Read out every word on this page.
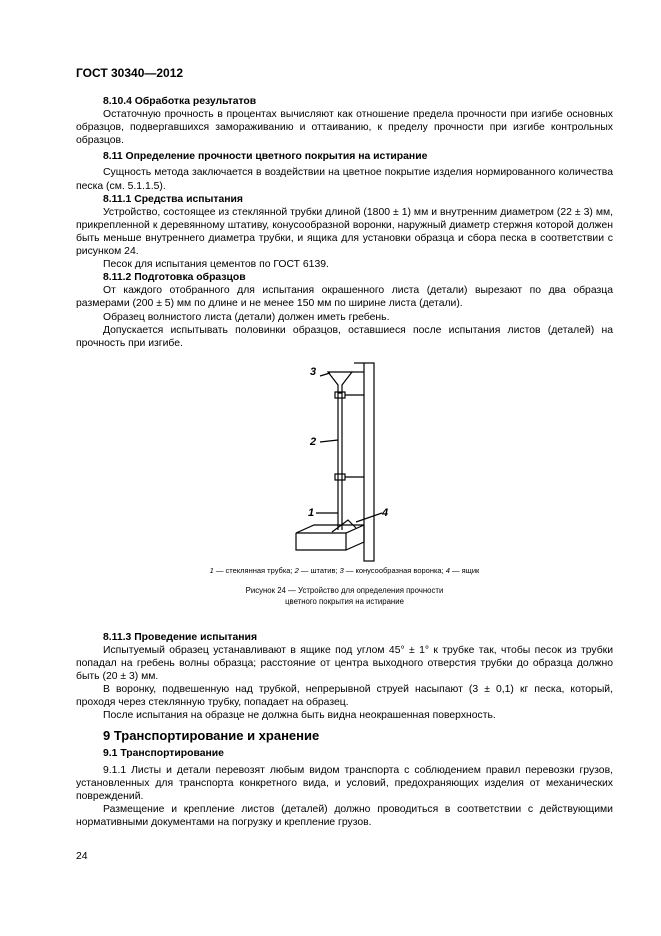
ГОСТ 30340—2012
8.10.4 Обработка результатов

Остаточную прочность в процентах вычисляют как отношение предела прочности при изгибе основных образцов, подвергавшихся замораживанию и оттаиванию, к пределу прочности при изгибе контрольных образцов.

8.11 Определение прочности цветного покрытия на истирание

Сущность метода заключается в воздействии на цветное покрытие изделия нормированного количества песка (см. 5.1.1.5).

8.11.1 Средства испытания

Устройство, состоящее из стеклянной трубки длиной (1800 ± 1) мм и внутренним диаметром (22 ± 3) мм, прикрепленной к деревянному штативу, конусообразной воронки, наружный диаметр стержня которой должен быть меньше внутреннего диаметра трубки, и ящика для установки образца и сбора песка в соответствии с рисунком 24.

Песок для испытания цементов по ГОСТ 6139.

8.11.2 Подготовка образцов

От каждого отобранного для испытания окрашенного листа (детали) вырезают по два образца размерами (200 ± 5) мм по длине и не менее 150 мм по ширине листа (детали).

Образец волнистого листа (детали) должен иметь гребень.

Допускается испытывать половинки образцов, оставшиеся после испытания листов (деталей) на прочность при изгибе.

3
2
1	4
1 — стеклянная трубка; 2 — штатив; 3 — конусообразная воронка; 4 — ящик
Рисунок 24 — Устройство для определения прочности
цветного покрытия на истирание
8.11.3 Проведение испытания

Испытуемый образец устанавливают в ящике под углом 45° ± 1° к трубке так, чтобы песок из трубки попадал на гребень волны образца; расстояние от центра выходного отверстия трубки до образца должно быть (20 ± 3) мм.

В воронку, подвешенную над трубкой, непрерывной струей насыпают (3 ± 0,1) кг песка, который, проходя через стеклянную трубку, попадает на образец.

После испытания на образце не должна быть видна неокрашенная поверхность.

9 Транспортирование и хранение
9.1 Транспортирование

9.1.1 Листы и детали перевозят любым видом транспорта с соблюдением правил перевозки грузов, установленных для транспорта конкретного вида, и условий, предохраняющих изделия от механических повреждений.

Размещение и крепление листов (деталей) должно проводиться в соответствии с действующими нормативными документами на погрузку и крепление грузов.

24
